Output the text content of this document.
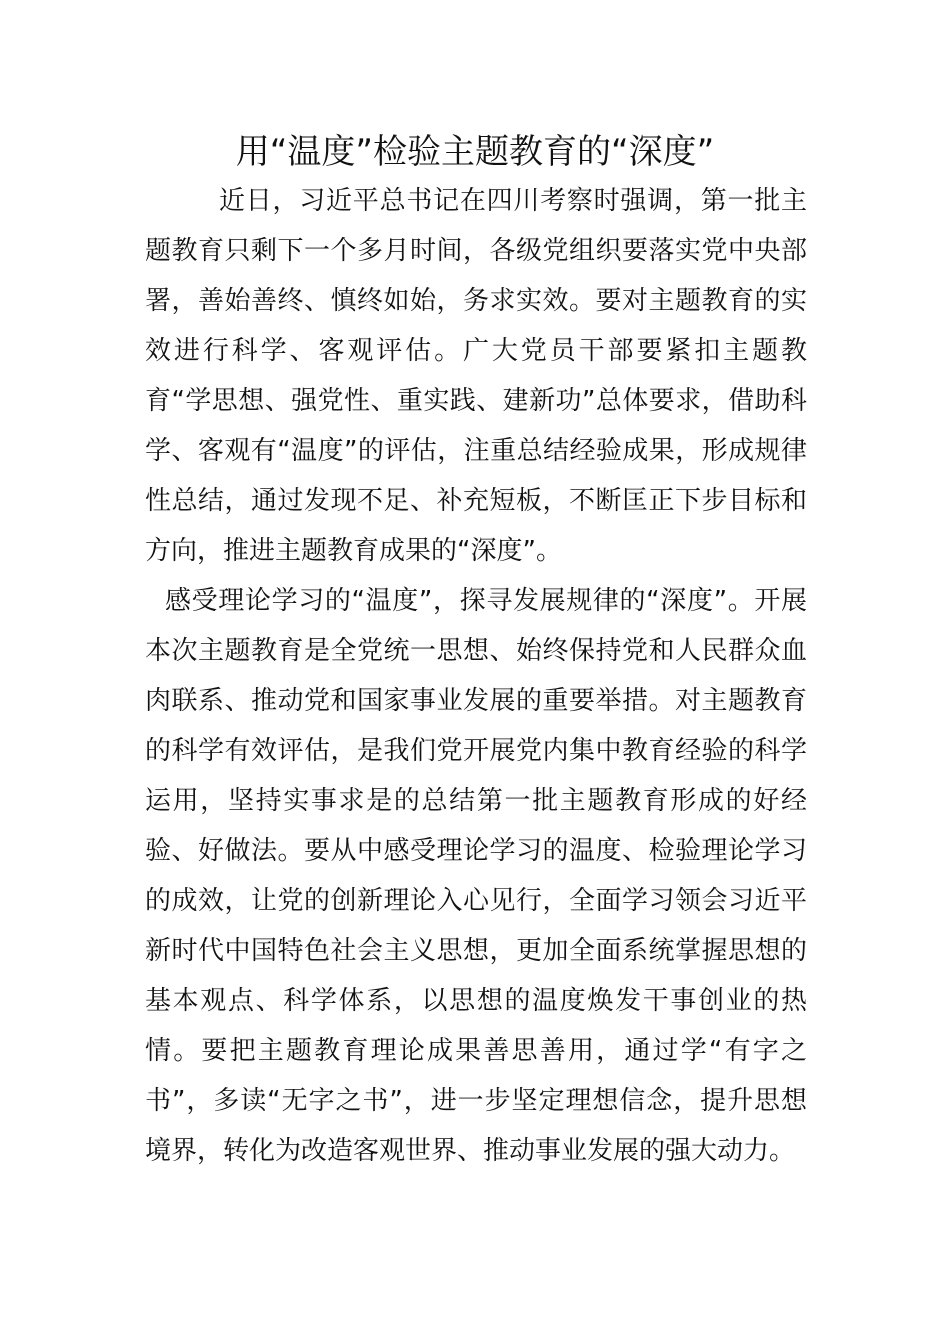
用“温度”检验主题教育的“深度”

近日，习近平总书记在四川考察时强调，第一批主题教育只剩下一个多月时间，各级党组织要落实党中央部署，善始善终、慎终如始，务求实效。要对主题教育的实效进行科学、客观评估。广大党员干部要紧扣主题教育“学思想、强党性、重实践、建新功”总体要求，借助科学、客观有“温度”的评估，注重总结经验成果，形成规律性总结，通过发现不足、补充短板，不断匡正下步目标和方向，推进主题教育成果的“深度”。

感受理论学习的“温度”，探寻发展规律的“深度”。开展本次主题教育是全党统一思想、始终保持党和人民群众血肉联系、推动党和国家事业发展的重要举措。对主题教育的科学有效评估，是我们党开展党内集中教育经验的科学运用，坚持实事求是的总结第一批主题教育形成的好经验、好做法。要从中感受理论学习的温度、检验理论学习的成效，让党的创新理论入心见行，全面学习领会习近平新时代中国特色社会主义思想，更加全面系统掌握思想的基本观点、科学体系，以思想的温度焕发干事创业的热情。要把主题教育理论成果善思善用，通过学“有字之书”，多读“无字之书”，进一步坚定理想信念，提升思想境界，转化为改造客观世界、推动事业发展的强大动力。
